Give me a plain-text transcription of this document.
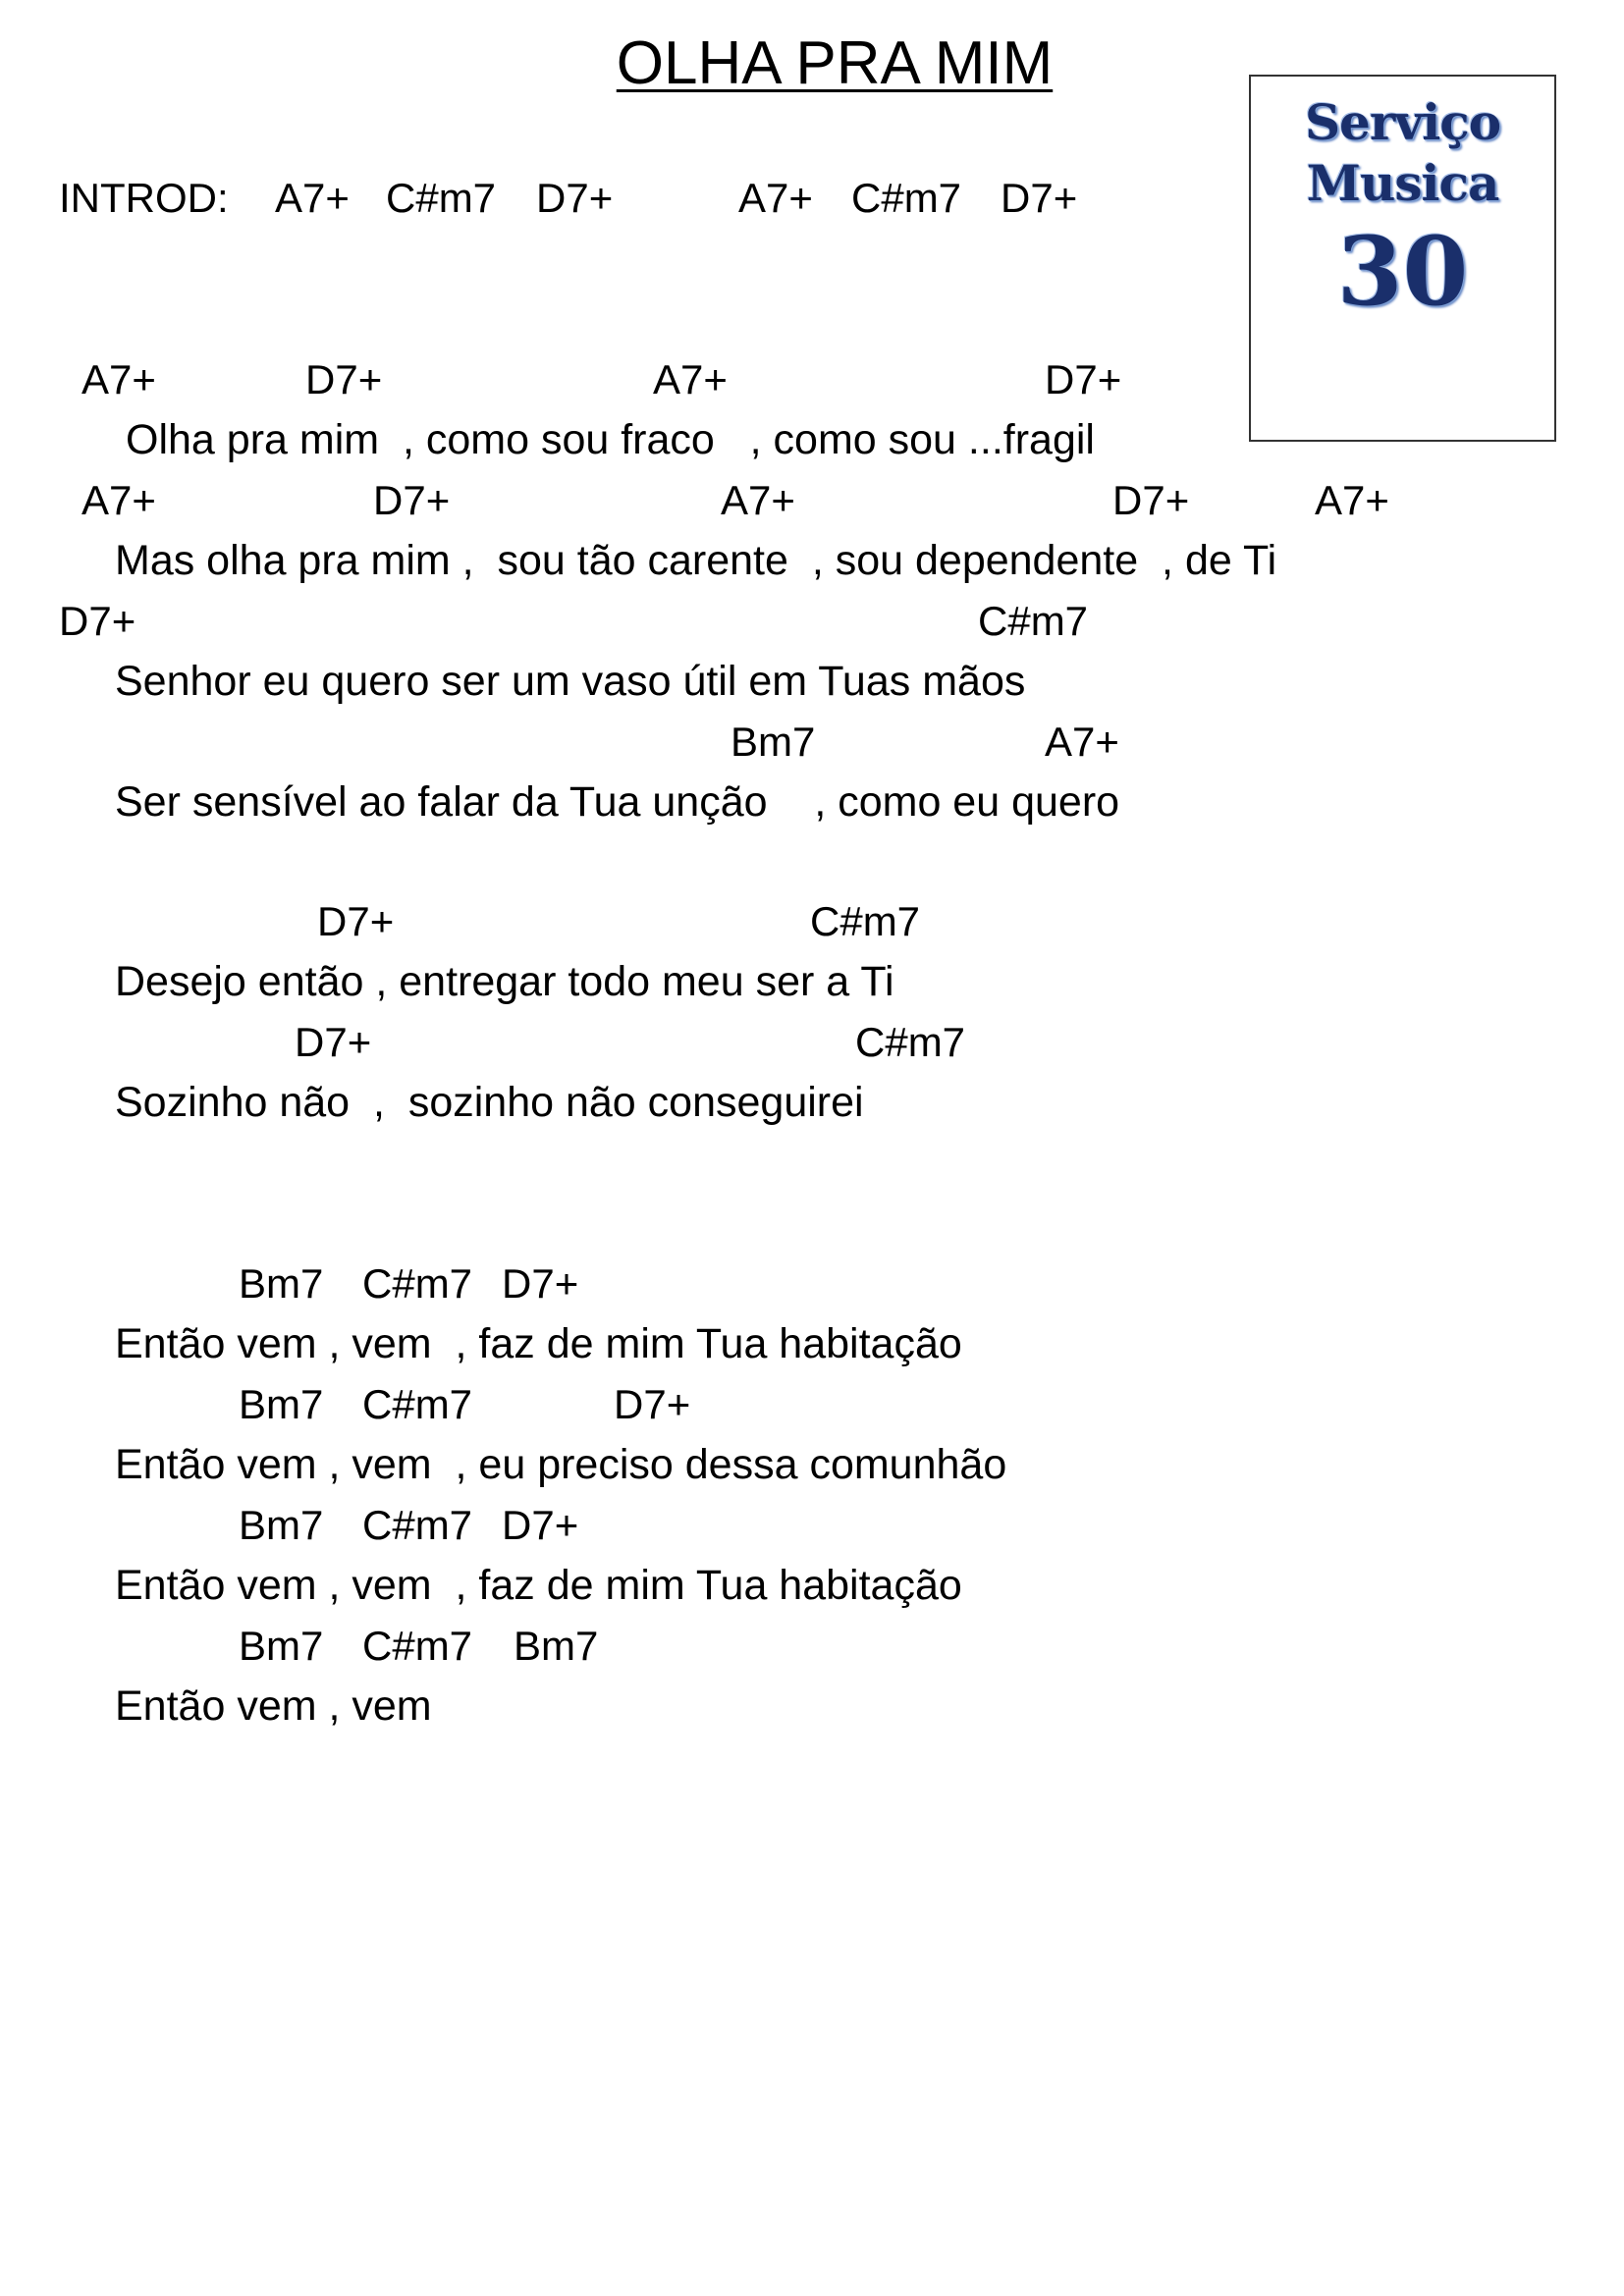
OLHA PRA MIM
Serviço
Musica
30
INTROD: A7+ C#m7 D7+	A7+ C#m7 D7+
A7+	D7+	A7+	D7+
Olha pra mim  , como sou fraco   , como sou ...fragil
A7+	D7+	A7+	D7+	A7+
Mas olha pra mim ,  sou tão carente  , sou dependente  , de Ti
D7+	C#m7
Senhor eu quero ser um vaso útil em Tuas mãos
Bm7	A7+
Ser sensível ao falar da Tua unção    , como eu quero
D7+	C#m7
Desejo então , entregar todo meu ser a Ti
D7+	C#m7
Sozinho não  ,  sozinho não conseguirei
Bm7 C#m7 D7+
Então vem , vem  , faz de mim Tua habitação
Bm7 C#m7	D7+
Então vem , vem  , eu preciso dessa comunhão
Bm7 C#m7 D7+
Então vem , vem  , faz de mim Tua habitação
Bm7 C#m7 Bm7
Então vem , vem
